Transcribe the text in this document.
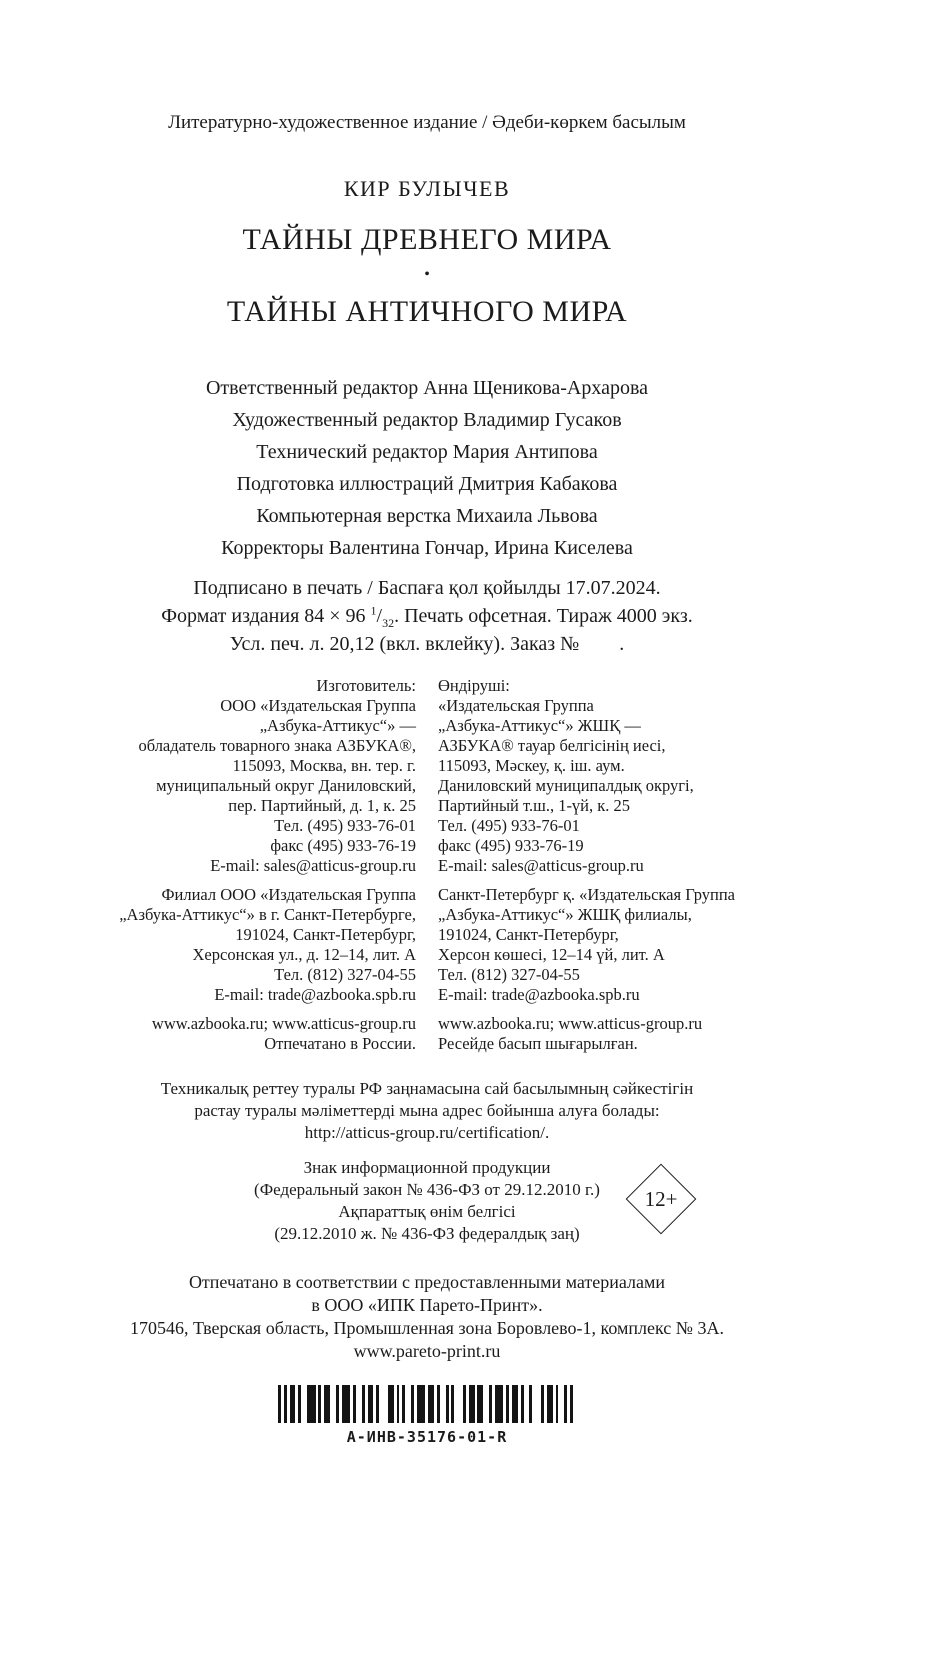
Литературно-художественное издание / Әдеби-көркем басылым
КИР БУЛЫЧЕВ
ТАЙНЫ ДРЕВНЕГО МИРА
•
ТАЙНЫ АНТИЧНОГО МИРА
Ответственный редактор Анна Щеникова-Архарова
Художественный редактор Владимир Гусаков
Технический редактор Мария Антипова
Подготовка иллюстраций Дмитрия Кабакова
Компьютерная верстка Михаила Львова
Корректоры Валентина Гончар, Ирина Киселева
Подписано в печать / Баспаға қол қойылды 17.07.2024.
Формат издания 84 × 96 $^1/_{32}$. Печать офсетная. Тираж 4000 экз.
Усл. печ. л. 20,12 (вкл. вклейку). Заказ №        .
Изготовитель:
ООО «Издательская Группа
„Азбука-Аттикус“» —
обладатель товарного знака АЗБУКА®,
115093, Москва, вн. тер. г.
муниципальный округ Даниловский,
пер. Партийный, д. 1, к. 25
Тел. (495) 933-76-01
факс (495) 933-76-19
E-mail: sales@atticus-group.ru
Филиал ООО «Издательская Группа
„Азбука-Аттикус“» в г. Санкт-Петербурге,
191024, Санкт-Петербург,
Херсонская ул., д. 12–14, лит. А
Тел. (812) 327-04-55
E-mail: trade@azbooka.spb.ru
www.azbooka.ru; www.atticus-group.ru
Отпечатано в России.
Өндіруші:
«Издательская Группа
„Азбука-Аттикус“» ЖШҚ —
АЗБУКА® тауар белгісінің иесі,
115093, Мәскеу, қ. іш. аум.
Даниловский муниципалдық округі,
Партийный т.ш., 1-үй, к. 25
Тел. (495) 933-76-01
факс (495) 933-76-19
E-mail: sales@atticus-group.ru
Санкт-Петербург қ. «Издательская Группа
„Азбука-Аттикус“» ЖШҚ филиалы,
191024, Санкт-Петербург,
Херсон көшесі, 12–14 үй, лит. А
Тел. (812) 327-04-55
E-mail: trade@azbooka.spb.ru
www.azbooka.ru; www.atticus-group.ru
Ресейде басып шығарылған.
Техникалық реттеу туралы РФ заңнамасына сай басылымның сәйкестігін
растау туралы мәліметтерді мына адрес бойынша алуға болады:
http://atticus-group.ru/certification/.
Знак информационной продукции
(Федеральный закон № 436-ФЗ от 29.12.2010 г.)
Ақпараттық өнім белгісі
(29.12.2010 ж. № 436-ФЗ федералдық заң)
12+
Отпечатано в соответствии с предоставленными материалами
в ООО «ИПК Парето-Принт».
170546, Тверская область, Промышленная зона Боровлево-1, комплекс № 3А.
www.pareto-print.ru
А-ИНВ-35176-01-R
